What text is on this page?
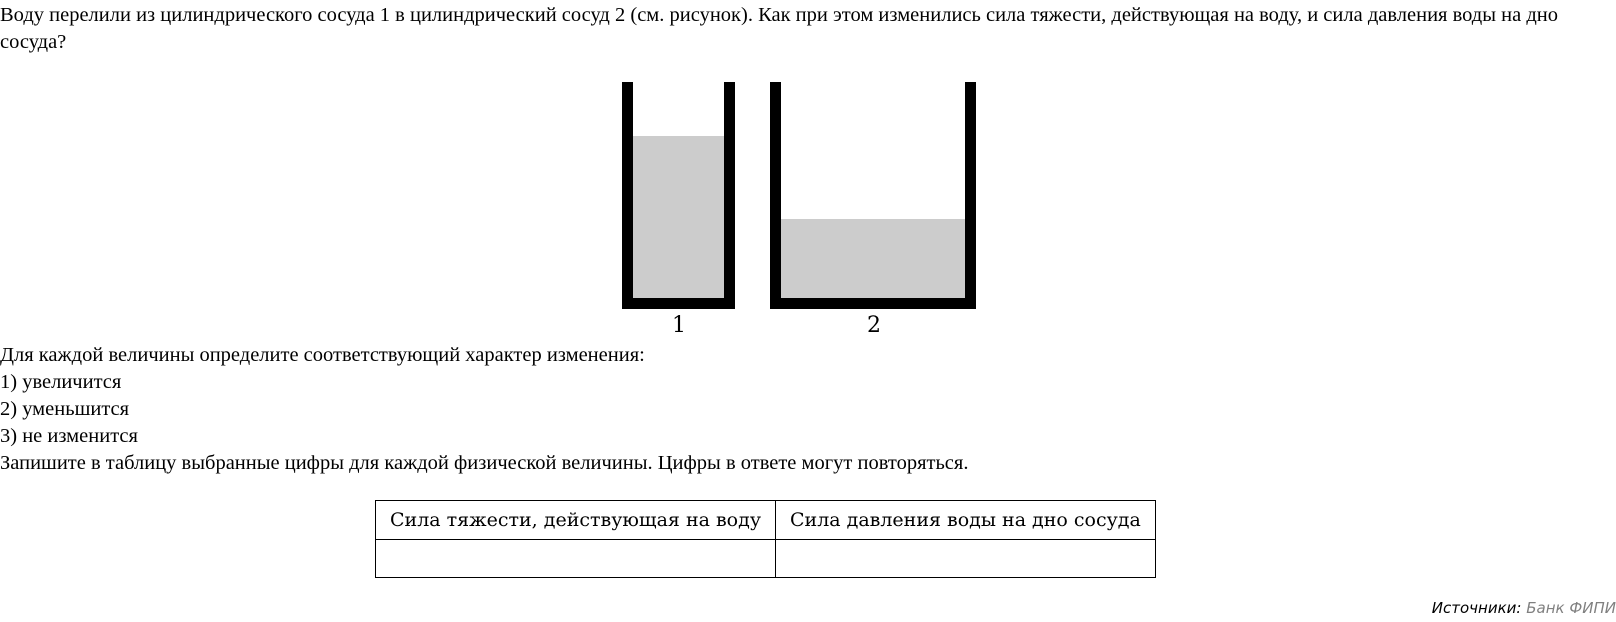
Воду перелили из цилиндрического сосуда 1 в цилиндрический сосуд 2 (см. рисунок). Как при этом изменились сила тяжести, действующая на воду, и сила давления воды на дно сосуда?
1	2
Для каждой величины определите соответствующий характер изменения:
1) увеличится
2) уменьшится
3) не изменится
Запишите в таблицу выбранные цифры для каждой физической величины. Цифры в ответе могут повторяться.
Сила тяжести, действующая на воду	Сила давления воды на дно сосуда

Источники: Банк ФИПИ
